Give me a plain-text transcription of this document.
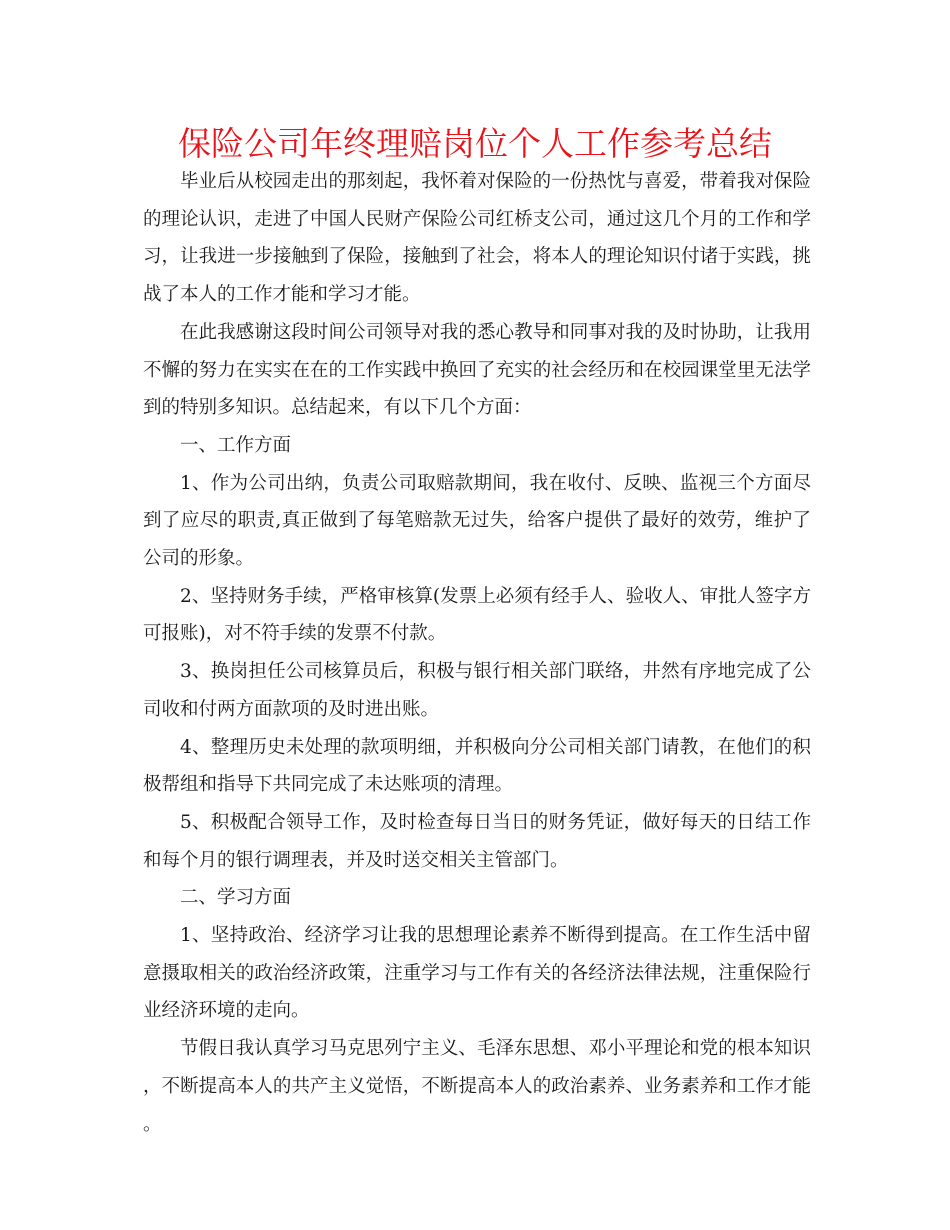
保险公司年终理赔岗位个人工作参考总结

毕业后从校园走出的那刻起，我怀着对保险的一份热忱与喜爱，带着我对保险的理论认识，走进了中国人民财产保险公司红桥支公司，通过这几个月的工作和学习，让我进一步接触到了保险，接触到了社会，将本人的理论知识付诸于实践，挑战了本人的工作才能和学习才能。

在此我感谢这段时间公司领导对我的悉心教导和同事对我的及时协助，让我用不懈的努力在实实在在的工作实践中换回了充实的社会经历和在校园课堂里无法学到的特别多知识。总结起来，有以下几个方面：

一、工作方面

1、作为公司出纳，负责公司取赔款期间，我在收付、反映、监视三个方面尽到了应尽的职责,真正做到了每笔赔款无过失，给客户提供了最好的效劳，维护了公司的形象。

2、坚持财务手续，严格审核算(发票上必须有经手人、验收人、审批人签字方可报账)，对不符手续的发票不付款。

3、换岗担任公司核算员后，积极与银行相关部门联络，井然有序地完成了公司收和付两方面款项的及时进出账。

4、整理历史未处理的款项明细，并积极向分公司相关部门请教，在他们的积极帮组和指导下共同完成了未达账项的清理。

5、积极配合领导工作，及时检查每日当日的财务凭证，做好每天的日结工作和每个月的银行调理表，并及时送交相关主管部门。

二、学习方面

1、坚持政治、经济学习让我的思想理论素养不断得到提高。在工作生活中留意摄取相关的政治经济政策，注重学习与工作有关的各经济法律法规，注重保险行业经济环境的走向。

节假日我认真学习马克思列宁主义、毛泽东思想、邓小平理论和党的根本知识，不断提高本人的共产主义觉悟，不断提高本人的政治素养、业务素养和工作才能。
